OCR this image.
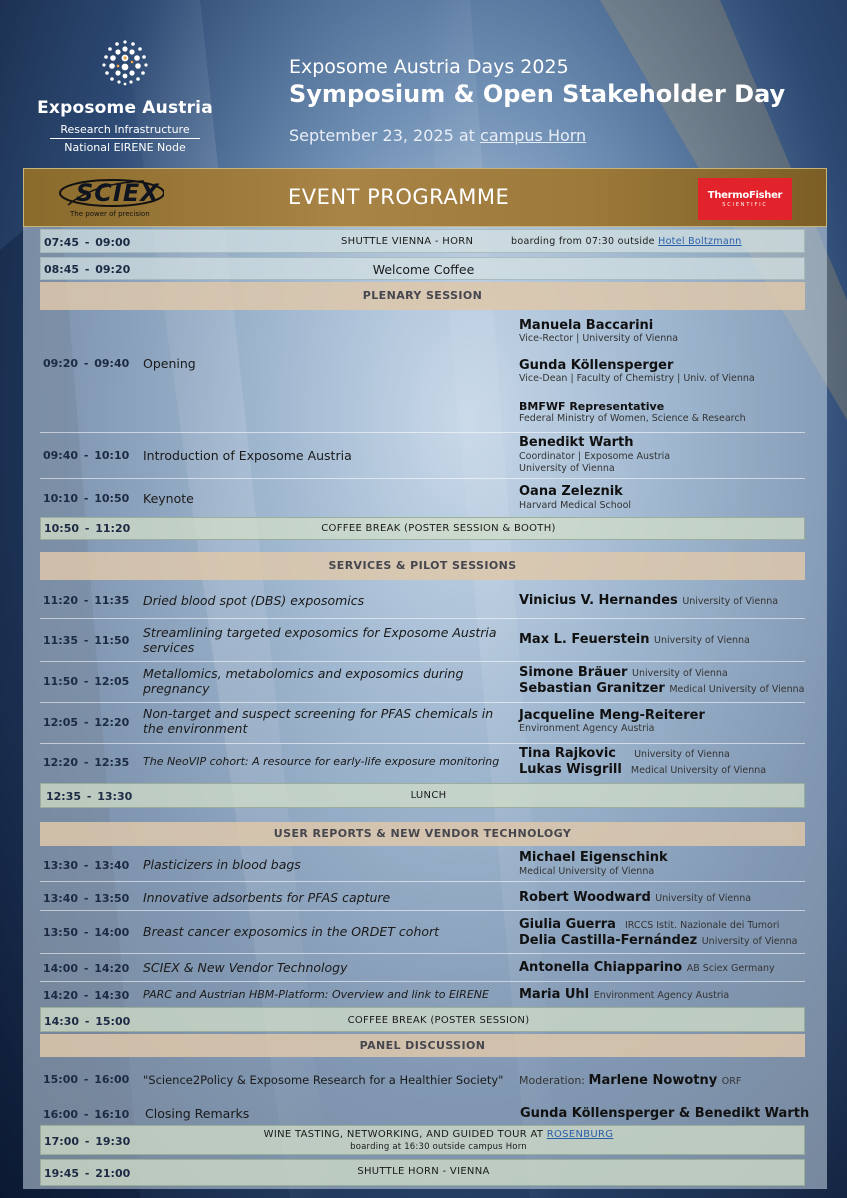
Exposome Austria
Research Infrastructure
National EIRENE Node
Exposome Austria Days 2025
Symposium & Open Stakeholder Day
September 23, 2025 at campus Horn
SCIEX
The power of precision
EVENT PROGRAMME	ThermoFisher
SCIENTIFIC
07:45 - 09:00	SHUTTLE VIENNA - HORN	boarding from 07:30 outside Hotel Boltzmann
08:45 - 09:20	Welcome Coffee
PLENARY SESSION
09:20 - 09:40 Opening
Manuela Baccarini
Vice-Rector | University of Vienna
Gunda Köllensperger
Vice-Dean | Faculty of Chemistry | Univ. of Vienna
BMFWF Representative
Federal Ministry of Women, Science & Research
09:40 - 10:10 Introduction of Exposome Austria
Benedikt Warth
Coordinator | Exposome Austria
University of Vienna
10:10 - 10:50 Keynote	Oana Zeleznik
Harvard Medical School
10:50 - 11:20	COFFEE BREAK (POSTER SESSION & BOOTH)
SERVICES & PILOT SESSIONS
11:20 - 11:35 Dried blood spot (DBS) exposomics	Vinicius V. Hernandes University of Vienna
11:35 - 11:50
Streamlining targeted exposomics for Exposome Austria services
Max L. Feuerstein University of Vienna
11:50 - 12:05
Metallomics, metabolomics and exposomics during pregnancy
Simone Bräuer University of Vienna
Sebastian Granitzer Medical University of Vienna
12:05 - 12:20
Non-target and suspect screening for PFAS chemicals in the environment
Jacqueline Meng-Reiterer
Environment Agency Austria
12:20 - 12:35 The NeoVIP cohort: A resource for early-life exposure monitoring
Tina Rajkovic University of Vienna
Lukas Wisgrill Medical University of Vienna
12:35 - 13:30	LUNCH
USER REPORTS & NEW VENDOR TECHNOLOGY
13:30 - 13:40 Plasticizers in blood bags	Michael Eigenschink
Medical University of Vienna
13:40 - 13:50 Innovative adsorbents for PFAS capture	Robert Woodward University of Vienna
13:50 - 14:00 Breast cancer exposomics in the ORDET cohort	Giulia Guerra IRCCS Istit. Nazionale dei Tumori
Delia Castilla-Fernández University of Vienna
14:00 - 14:20 SCIEX & New Vendor Technology	Antonella Chiapparino AB Sciex Germany
14:20 - 14:30 PARC and Austrian HBM-Platform: Overview and link to EIRENE	Maria Uhl Environment Agency Austria
14:30 - 15:00	COFFEE BREAK (POSTER SESSION)
PANEL DISCUSSION
15:00 - 16:00 "Science2Policy & Exposome Research for a Healthier Society" Moderation: Marlene Nowotny ORF
16:00 - 16:10 Closing Remarks	Gunda Köllensperger & Benedikt Warth
17:00 - 19:30
WINE TASTING, NETWORKING, AND GUIDED TOUR AT ROSENBURG
boarding at 16:30 outside campus Horn
19:45 - 21:00	SHUTTLE HORN - VIENNA
